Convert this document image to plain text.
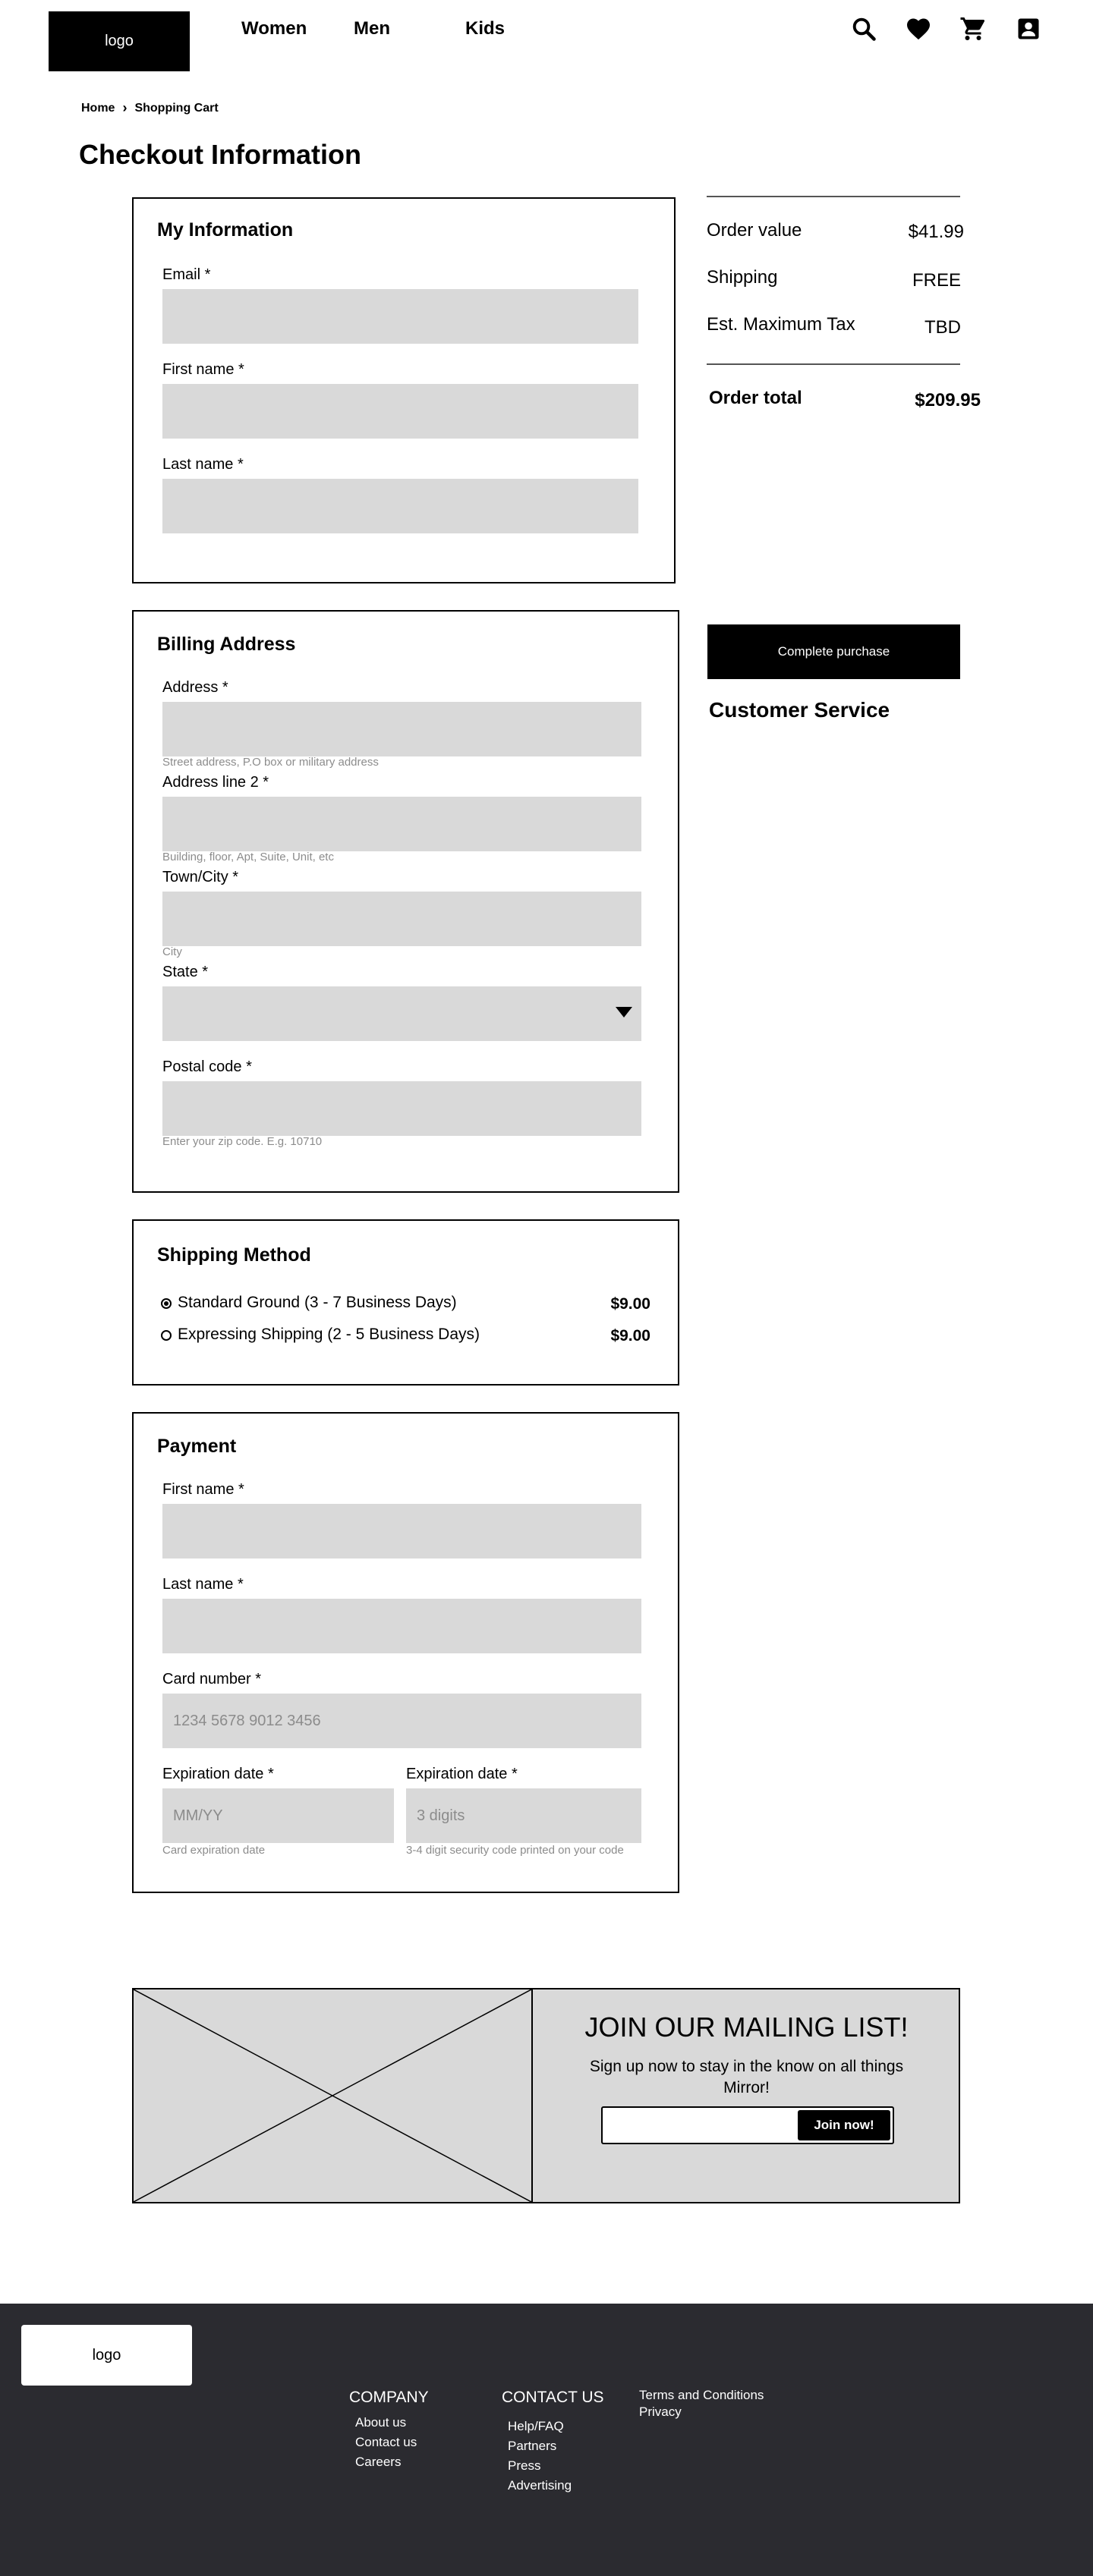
logo
Women	Men	Kids
Home › Shopping Cart
Checkout Information
My Information
Email *
First name *
Last name *
Billing Address
Address *
Street address, P.O box or military address
Address line 2 *
Building, floor, Apt, Suite, Unit, etc
Town/City *
City
State *
Postal code *
Enter your zip code. E.g. 10710
Shipping Method
Standard Ground (3 - 7 Business Days)	$9.00
Expressing Shipping (2 - 5 Business Days)	$9.00
Payment
First name *
Last name *
Card number *
1234 5678 9012 3456
Expiration date *
MM/YY
Card expiration date
Expiration date *
3 digits
3-4 digit security code printed on your code
Order value	$41.99
Shipping	FREE
Est. Maximum Tax	TBD
Order total	$209.95
Complete purchase
Customer Service
JOIN OUR MAILING LIST!
Sign up now to stay in the know on all things Mirror!
Join now!
logo
COMPANY
About us
Contact us
Careers
CONTACT US
Help/FAQ
Partners
Press
Advertising
Terms and Conditions
Privacy
